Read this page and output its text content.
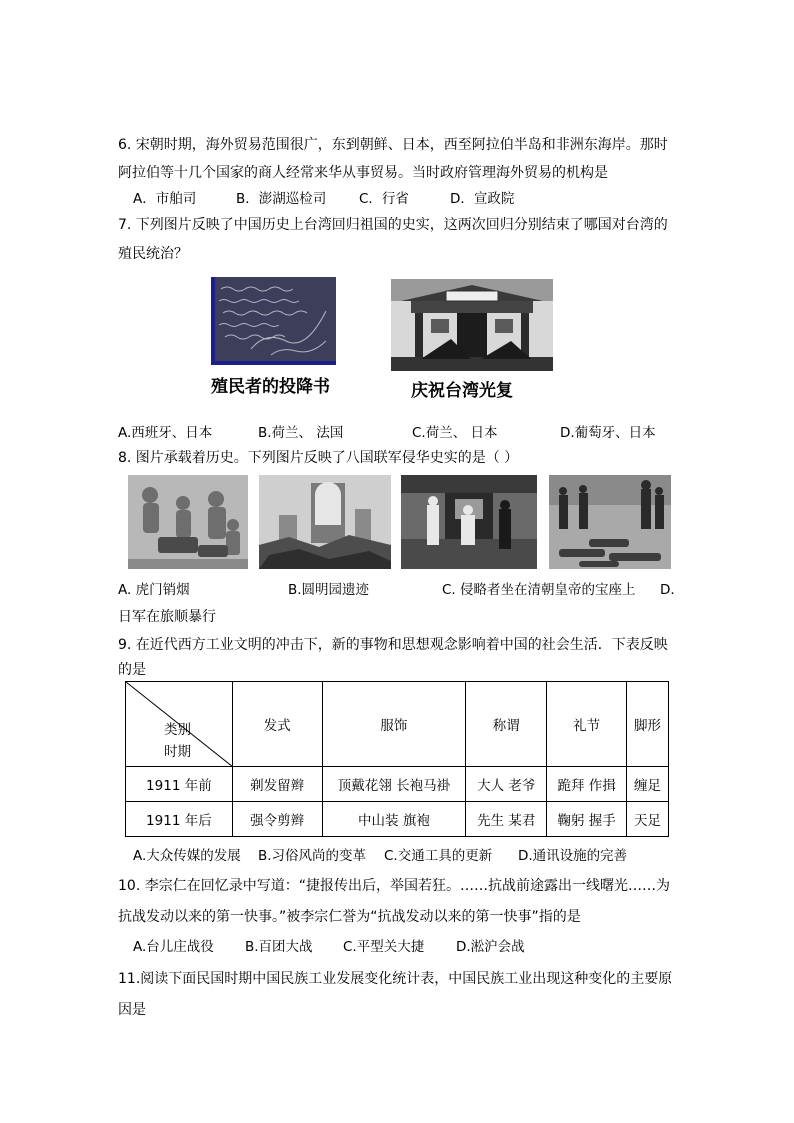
6. 宋朝时期，海外贸易范围很广，东到朝鲜、日本，西至阿拉伯半岛和非洲东海岸。那时
阿拉伯等十几个国家的商人经常来华从事贸易。当时政府管理海外贸易的机构是
A．市舶司	B．澎湖巡检司 C．行省	D．宣政院
7. 下列图片反映了中国历史上台湾回归祖国的史实，这两次回归分别结束了哪国对台湾的
殖民统治？
殖民者的投降书	庆祝台湾光复
A.西班牙、日本	B.荷兰、 法国	C.荷兰、 日本	D.葡萄牙、日本
8. 图片承载着历史。下列图片反映了八国联军侵华史实的是（ ）
A. 虎门销烟	B.圆明园遗迹	C. 侵略者坐在清朝皇帝的宝座上 D.
日军在旅顺暴行
9. 在近代西方工业文明的冲击下，新的事物和思想观念影响着中国的社会生活．下表反映
的是
类别
时期	发式	服饰	称谓	礼节	脚形
1911 年前	剃发留辫	顶戴花翎 长袍马褂	大人 老爷	跪拜 作揖	缠足
1911 年后	强令剪辫	中山装 旗袍	先生 某君	鞠躬 握手	天足
A.大众传媒的发展 B.习俗风尚的变革 C.交通工具的更新 D.通讯设施的完善
10. 李宗仁在回忆录中写道：“捷报传出后，举国若狂。……抗战前途露出一线曙光……为
抗战发动以来的第一快事。”被李宗仁誉为“抗战发动以来的第一快事”指的是
A.台儿庄战役 B.百团大战 C.平型关大捷 D.淞沪会战
11.阅读下面民国时期中国民族工业发展变化统计表，中国民族工业出现这种变化的主要原
因是
